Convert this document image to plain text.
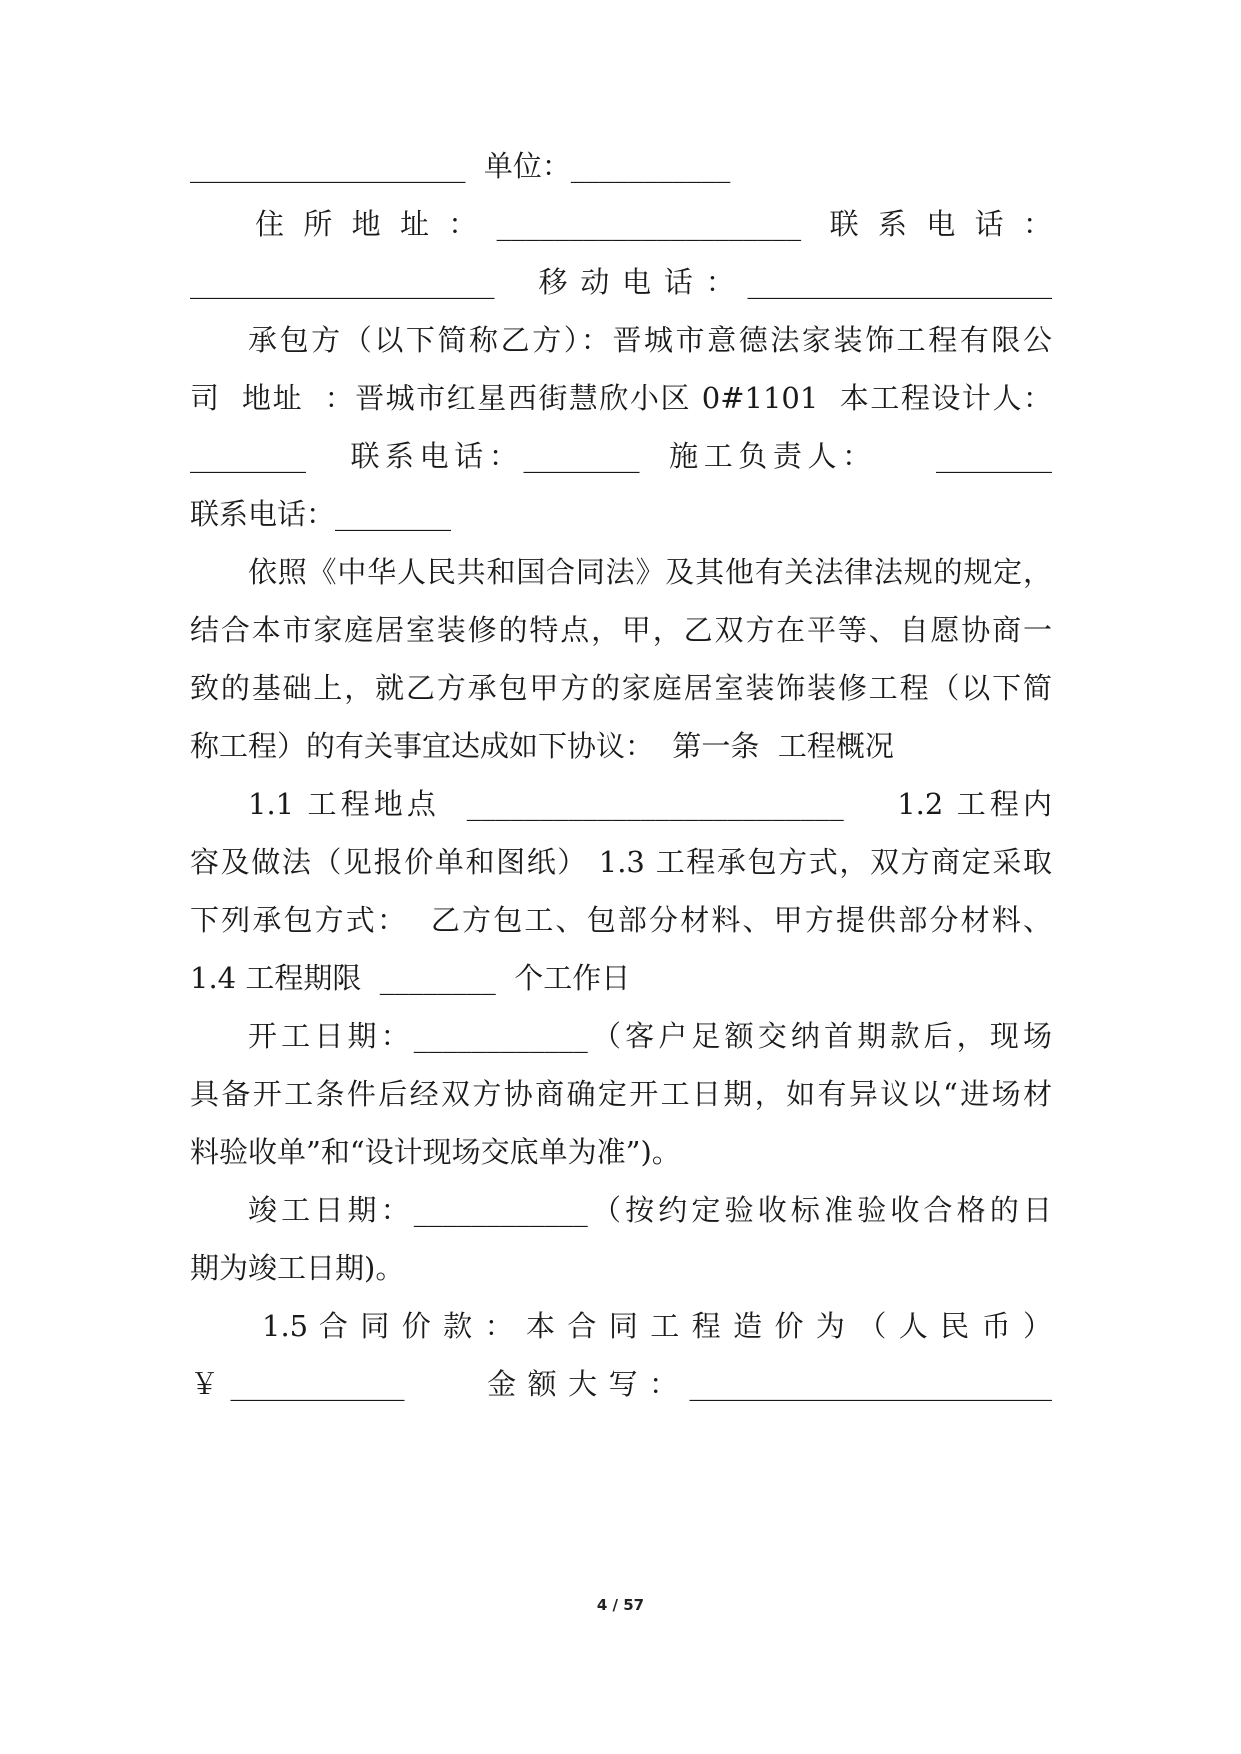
___________________  单位：___________
住 所 地 址 ： _____________________  联 系 电 话 ：
_____________________  移动电话：_____________________
承包方（以下简称乙方）：晋城市意德法家装饰工程有限公
司  地址  ：晋城市红星西街慧欣小区 0#1101  本工程设计人：
________   联系电话：________  施工负责人：    ________
联系电话：________
依照《中华人民共和国合同法》及其他有关法律法规的规定，
结合本市家庭居室装修的特点，甲，乙双方在平等、自愿协商一
致的基础上，就乙方承包甲方的家庭居室装饰装修工程（以下简
称工程）的有关事宜达成如下协议：  第一条  工程概况
1.1 工程地点  __________________________    1.2 工程内
容及做法（见报价单和图纸） 1.3 工程承包方式，双方商定采取
下列承包方式：  乙方包工、包部分材料、甲方提供部分材料、
1.4 工程期限  ________  个工作日
开工日期：____________（客户足额交纳首期款后，现场
具备开工条件后经双方协商确定开工日期，如有异议以“进场材
料验收单”和“设计现场交底单为准”)。
竣工日期：____________（按约定验收标准验收合格的日
期为竣工日期)。
1.5 合 同 价 款 ： 本 合 同 工 程 造 价 为 （ 人 民 币 ）
￥____________    金额大写：_________________________
4 / 57
